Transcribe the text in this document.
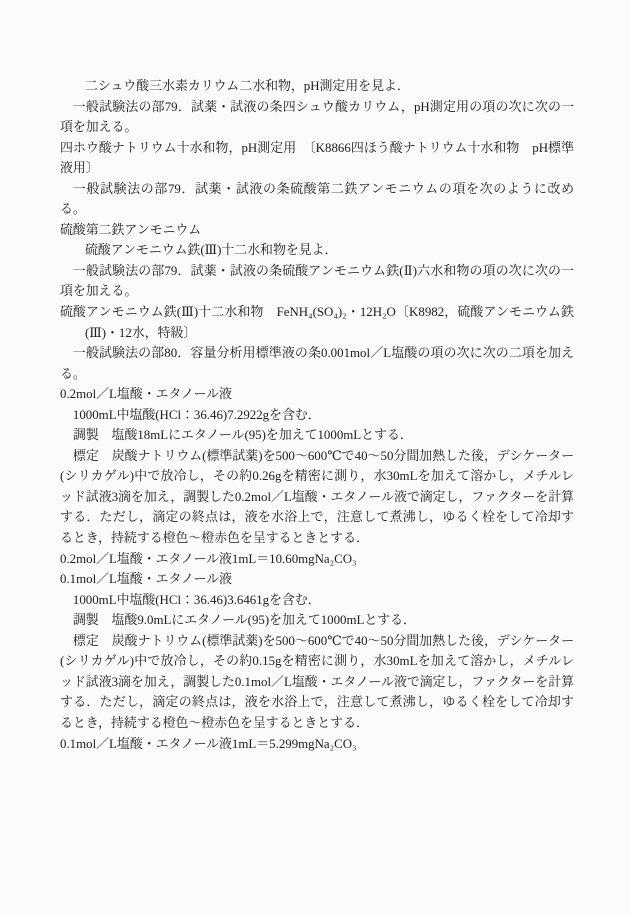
二シュウ酸三水素カリウム二水和物，pH測定用を見よ．

一般試験法の部79．試薬・試液の条四シュウ酸カリウム，pH測定用の項の次に次の一項を加える。

四ホウ酸ナトリウム十水和物，pH測定用　〔K8866四ほう酸ナトリウム十水和物　pH標準液用〕

一般試験法の部79．試薬・試液の条硫酸第二鉄アンモニウムの項を次のように改める。

硫酸第二鉄アンモニウム

硫酸アンモニウム鉄(Ⅲ)十二水和物を見よ．

一般試験法の部79．試薬・試液の条硫酸アンモニウム鉄(Ⅱ)六水和物の項の次に次の一項を加える。

硫酸アンモニウム鉄(Ⅲ)十二水和物　FeNH₄(SO₄)₂・12H₂O〔K8982，硫酸アンモニウム鉄(Ⅲ)・12水，特級〕

一般試験法の部80．容量分析用標準液の条0.001mol／L塩酸の項の次に次の二項を加える。

0.2mol／L塩酸・エタノール液

1000mL中塩酸(HCl：36.46)7.2922gを含む．

調製　塩酸18mLにエタノール(95)を加えて1000mLとする．

標定　炭酸ナトリウム(標準試薬)を500〜600℃で40〜50分間加熱した後，デシケーター(シリカゲル)中で放冷し，その約0.26gを精密に測り，水30mLを加えて溶かし，メチルレッド試液3滴を加え，調製した0.2mol／L塩酸・エタノール液で滴定し，ファクターを計算する．ただし，滴定の終点は，液を水浴上で，注意して煮沸し，ゆるく栓をして冷却するとき，持続する橙色〜橙赤色を呈するときとする．

0.2mol／L塩酸・エタノール液1mL＝10.60mgNa₂CO₃

0.1mol／L塩酸・エタノール液

1000mL中塩酸(HCl：36.46)3.6461gを含む．

調製　塩酸9.0mLにエタノール(95)を加えて1000mLとする．

標定　炭酸ナトリウム(標準試薬)を500〜600℃で40〜50分間加熱した後，デシケーター(シリカゲル)中で放冷し，その約0.15gを精密に測り，水30mLを加えて溶かし，メチルレッド試液3滴を加え，調製した0.1mol／L塩酸・エタノール液で滴定し，ファクターを計算する．ただし，滴定の終点は，液を水浴上で，注意して煮沸し，ゆるく栓をして冷却するとき，持続する橙色〜橙赤色を呈するときとする．

0.1mol／L塩酸・エタノール液1mL＝5.299mgNa₂CO₃
